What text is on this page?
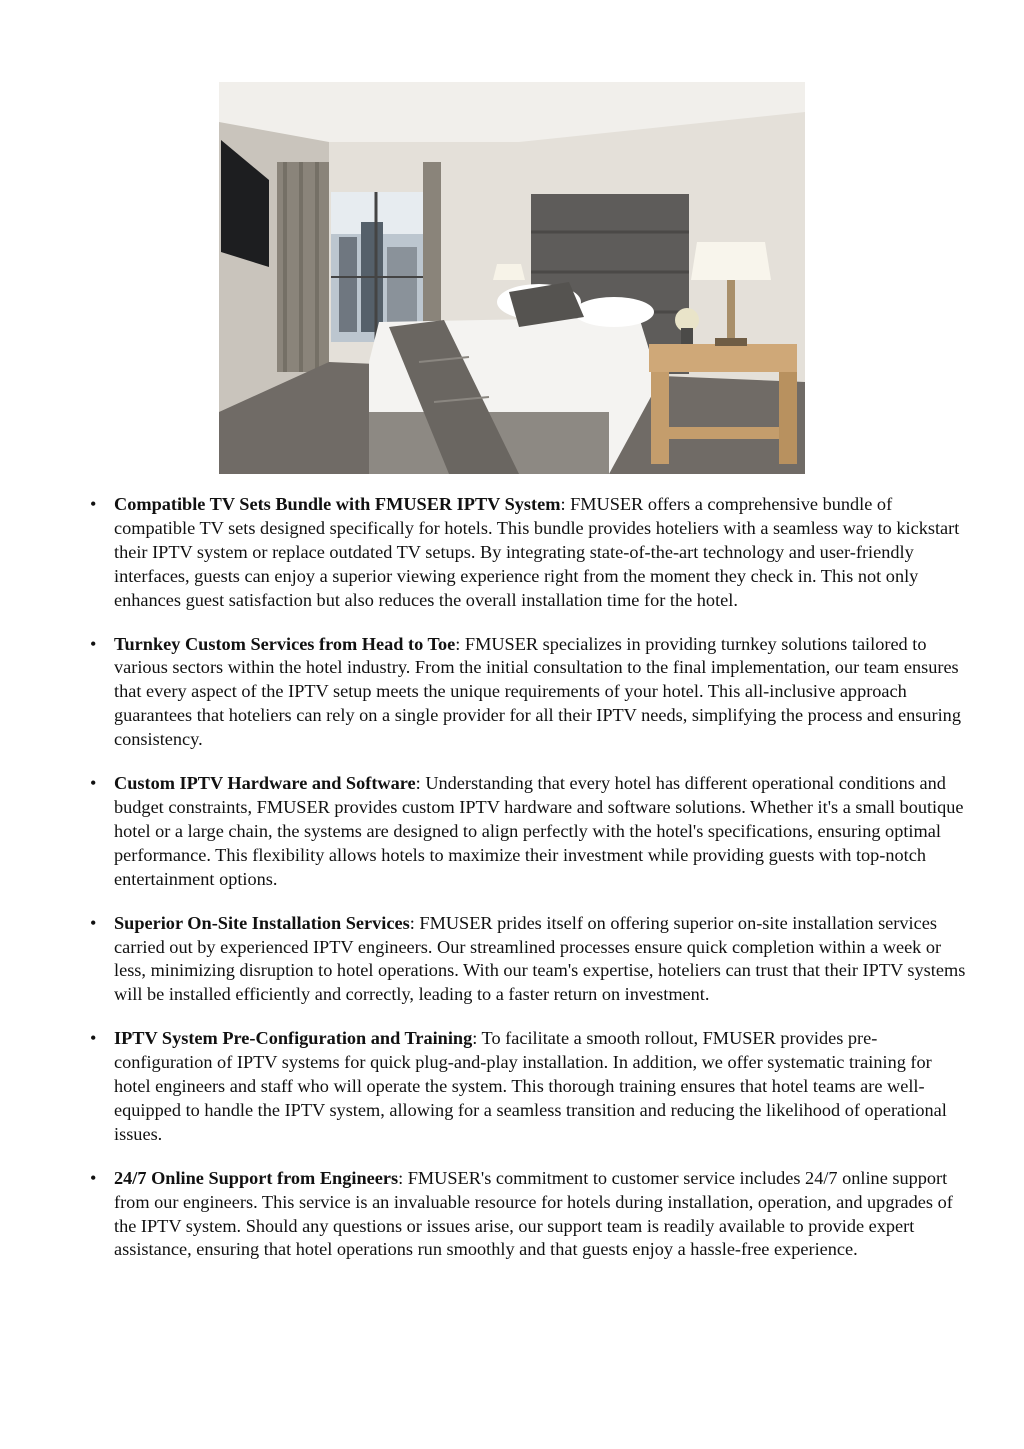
• Compatible TV Sets Bundle with FMUSER IPTV System: FMUSER offers a comprehensive bundle of compatible TV sets designed specifically for hotels. This bundle provides hoteliers with a seamless way to kickstart their IPTV system or replace outdated TV setups. By integrating state-of-the-art technology and user-friendly interfaces, guests can enjoy a superior viewing experience right from the moment they check in. This not only enhances guest satisfaction but also reduces the overall installation time for the hotel.
• Turnkey Custom Services from Head to Toe: FMUSER specializes in providing turnkey solutions tailored to various sectors within the hotel industry. From the initial consultation to the final implementation, our team ensures that every aspect of the IPTV setup meets the unique requirements of your hotel. This all-inclusive approach guarantees that hoteliers can rely on a single provider for all their IPTV needs, simplifying the process and ensuring consistency.
• Custom IPTV Hardware and Software: Understanding that every hotel has different operational conditions and budget constraints, FMUSER provides custom IPTV hardware and software solutions. Whether it's a small boutique hotel or a large chain, the systems are designed to align perfectly with the hotel's specifications, ensuring optimal performance. This flexibility allows hotels to maximize their investment while providing guests with top-notch entertainment options.
• Superior On-Site Installation Services: FMUSER prides itself on offering superior on-site installation services carried out by experienced IPTV engineers. Our streamlined processes ensure quick completion within a week or less, minimizing disruption to hotel operations. With our team's expertise, hoteliers can trust that their IPTV systems will be installed efficiently and correctly, leading to a faster return on investment.
• IPTV System Pre-Configuration and Training: To facilitate a smooth rollout, FMUSER provides pre-configuration of IPTV systems for quick plug-and-play installation. In addition, we offer systematic training for hotel engineers and staff who will operate the system. This thorough training ensures that hotel teams are well-equipped to handle the IPTV system, allowing for a seamless transition and reducing the likelihood of operational issues.
• 24/7 Online Support from Engineers: FMUSER's commitment to customer service includes 24/7 online support from our engineers. This service is an invaluable resource for hotels during installation, operation, and upgrades of the IPTV system. Should any questions or issues arise, our support team is readily available to provide expert assistance, ensuring that hotel operations run smoothly and that guests enjoy a hassle-free experience.
